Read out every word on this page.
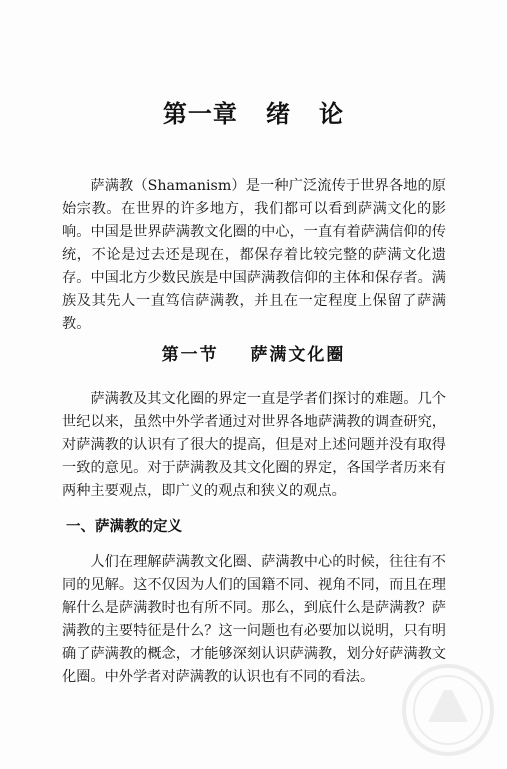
第一章   绪   论
萨满教（Shamanism）是一种广泛流传于世界各地的原始宗教。在世界的许多地方，我们都可以看到萨满文化的影响。中国是世界萨满教文化圈的中心，一直有着萨满信仰的传统，不论是过去还是现在，都保存着比较完整的萨满文化遗存。中国北方少数民族是中国萨满教信仰的主体和保存者。满族及其先人一直笃信萨满教，并且在一定程度上保留了萨满教。
第一节    萨满文化圈
萨满教及其文化圈的界定一直是学者们探讨的难题。几个世纪以来，虽然中外学者通过对世界各地萨满教的调查研究，对萨满教的认识有了很大的提高，但是对上述问题并没有取得一致的意见。对于萨满教及其文化圈的界定，各国学者历来有两种主要观点，即广义的观点和狭义的观点。
一、萨满教的定义
人们在理解萨满教文化圈、萨满教中心的时候，往往有不同的见解。这不仅因为人们的国籍不同、视角不同，而且在理解什么是萨满教时也有所不同。那么，到底什么是萨满教？萨满教的主要特征是什么？这一问题也有必要加以说明，只有明确了萨满教的概念，才能够深刻认识萨满教，划分好萨满教文化圈。中外学者对萨满教的认识也有不同的看法。
